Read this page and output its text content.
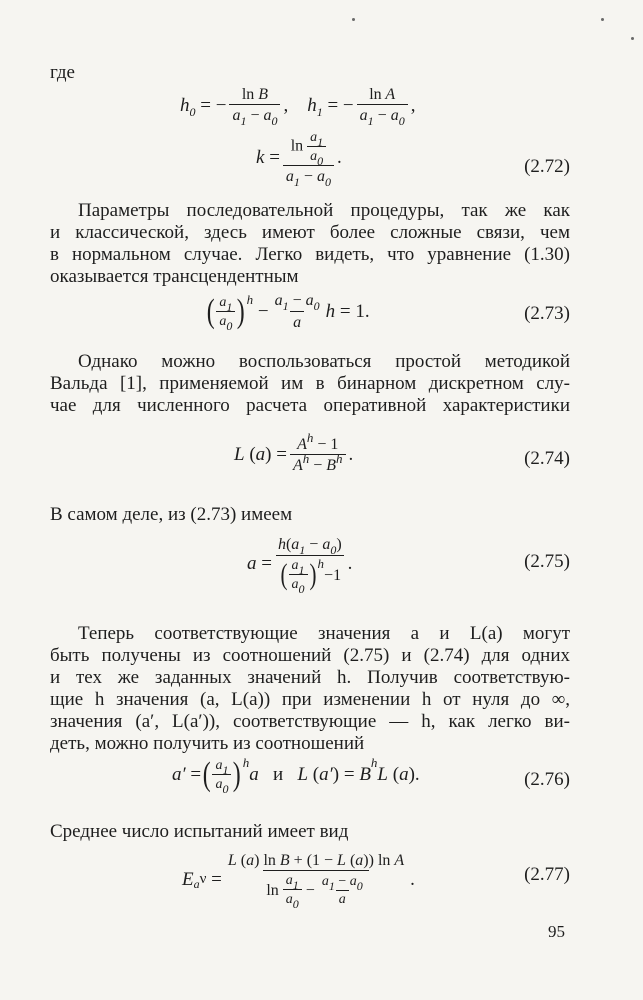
где
$h_0$ = − $\frac{\text{ln B}}{a_1 - a_0}$ , $h_1$ = − $\frac{\text{ln A}}{a_1 - a_0}$ ,
$k = \frac{\ln \frac{a1}{a0}}{a_1 - a_0}$ .	(2.72)
Параметры последовательной процедуры, так же как
и классической, здесь имеют более сложные связи, чем
в нормальном случае. Легко видеть, что уравнение (1.30)
оказывается трансцендентным
( $\frac{a1}{a0}$ ) h
− $\frac{a_1 - a_0}{a}$ h = 1.	(2.73)
Однако можно воспользоваться простой методикой
Вальда [1], применяемой им в бинарном дискретном слу-
чае для численного расчета оперативной характеристики
L ( a ) = $\frac{A^h - 1}{A^h - B^h}$ .	(2.74)
В самом деле, из (2.73) имеем
$a = h(a_1 - a_0)$
( $\frac{a1}{a0}$ ) h
−1 .	(2.75)
Теперь соответствующие значения a и L(a) могут
быть получены из соотношений (2.75) и (2.74) для одних
и тех же заданных значений h. Получив соответствую-
щие h значения (a, L(a)) при изменении h от нуля до ∞,
значения (a′, L(a′)), соответствующие — h, как легко ви-
деть, можно получить из соотношений
a′ = ( $\frac{a1}{a0}$ ) h
a и L ( a′ ) = B
h
L ( a ).	(2.76)
Среднее число испытаний имеет вид
E a $\nu = \frac{\text{L (a) ln B + (1 − L (a)) ln A}}{\ln \frac{a1}{a0} - \frac{a1 - a0}{a}}$ .	(2.77)
95
